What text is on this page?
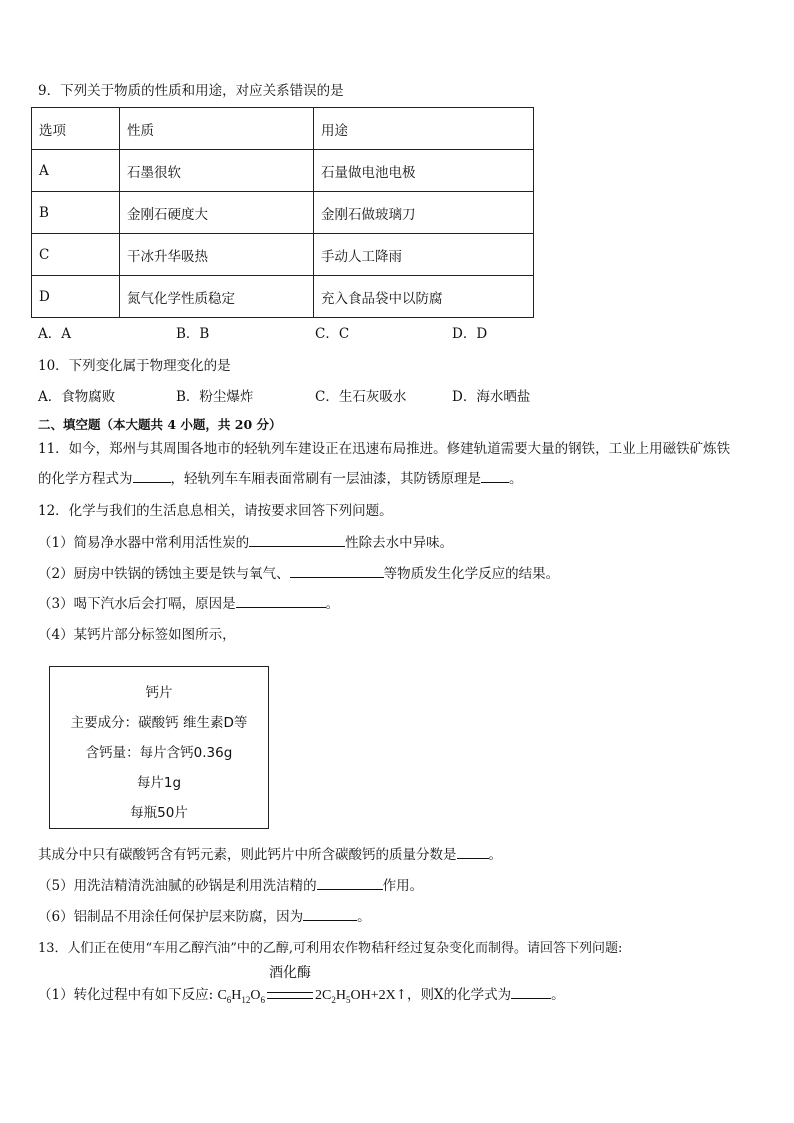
9．下列关于物质的性质和用途，对应关系错误的是
选项	性质	用途
A	石墨很软	石量做电池电极
B	金刚石硬度大	金刚石做玻璃刀
C	干冰升华吸热	手动人工降雨
D	氮气化学性质稳定	充入食品袋中以防腐
A．A	B．B	C．C	D．D
10．下列变化属于物理变化的是
A．食物腐败	B．粉尘爆炸	C．生石灰吸水	D．海水晒盐
二、填空题（本大题共 4 小题，共 20 分）
11．如今，郑州与其周围各地市的轻轨列车建设正在迅速布局推进。修建轨道需要大量的钢铁，工业上用磁铁矿炼铁
的化学方程式为	，轻轨列车车厢表面常刷有一层油漆，其防锈原理是 。
12．化学与我们的生活息息相关，请按要求回答下列问题。
（1）简易净水器中常利用活性炭的	性除去水中异味。
（2）厨房中铁锅的锈蚀主要是铁与氧气、	等物质发生化学反应的结果。
（3）喝下汽水后会打嗝，原因是	。
（4）某钙片部分标签如图所示，
钙片
主要成分：碳酸钙 维生素D等
含钙量：每片含钙0.36g
每片1g
每瓶50片
其成分中只有碳酸钙含有钙元素，则此钙片中所含碳酸钙的质量分数是 。
（5）用洗洁精清洗油腻的砂锅是利用洗洁精的	作用。
（6）铝制品不用涂任何保护层来防腐，因为	。
13．人们正在使用“车用乙醇汽油”中的乙醇,可利用农作物秸秆经过复杂变化而制得。请回答下列问题:
（1）转化过程中有如下反应: $C_6H_{12}O_6$
酒化酶
$2C_2H_5OH+2X↑$，则X的化学式为	。
